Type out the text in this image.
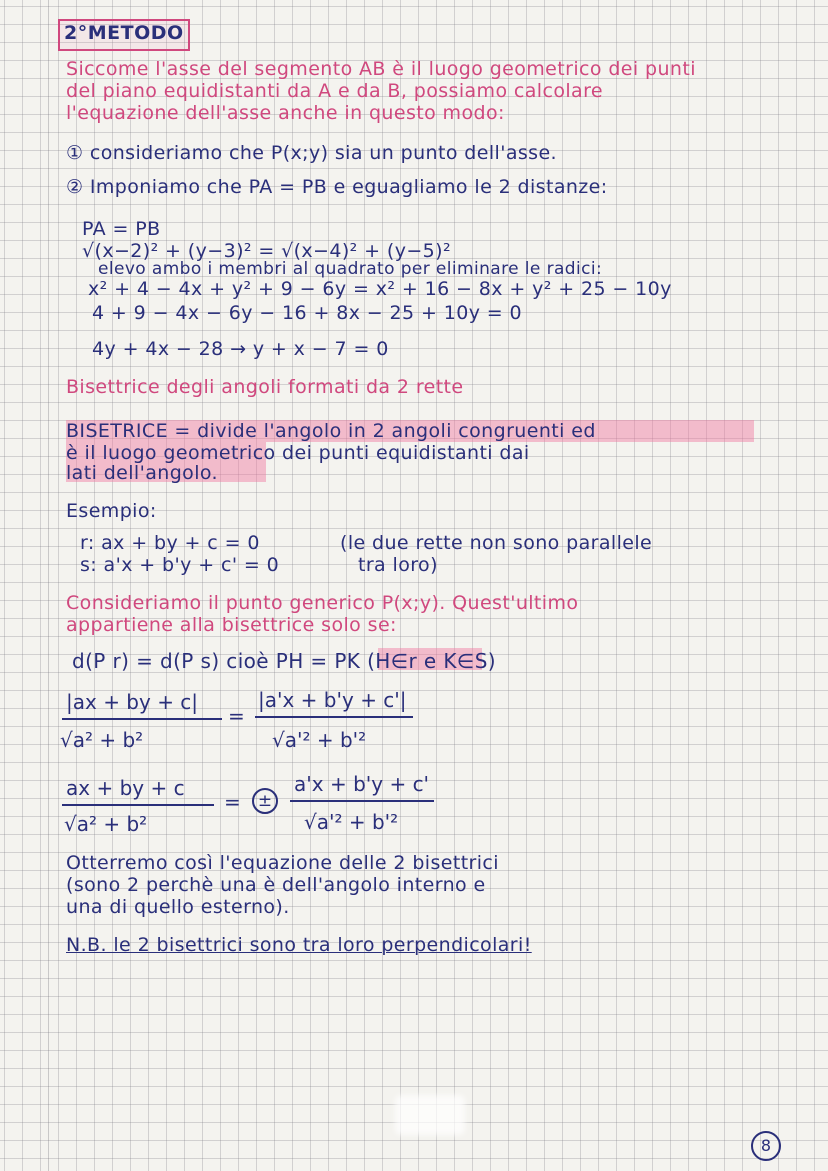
2°METODO
Siccome l'asse del segmento AB è il luogo geometrico dei punti
del piano equidistanti da A e da B, possiamo calcolare
l'equazione dell'asse anche in questo modo:
① consideriamo che P(x;y) sia un punto dell'asse.
② Imponiamo che PA = PB e eguagliamo le 2 distanze:
PA = PB
√(x−2)² + (y−3)² = √(x−4)² + (y−5)²
elevo ambo i membri al quadrato per eliminare le radici:
x² + 4 − 4x + y² + 9 − 6y = x² + 16 − 8x + y² + 25 − 10y
4 + 9 − 4x − 6y − 16 + 8x − 25 + 10y = 0
4y + 4x − 28 → y + x − 7 = 0
Bisettrice degli angoli formati da 2 rette
BISETRICE = divide l'angolo in 2 angoli congruenti ed
è il luogo geometrico dei punti equidistanti dai
lati dell'angolo.
Esempio:
r: ax + by + c = 0
s: a'x + b'y + c' = 0
(le due rette non sono parallele
tra loro)
Consideriamo il punto generico P(x;y). Quest'ultimo
appartiene alla bisettrice solo se:
d(P r) = d(P s) cioè PH = PK (H∈r e K∈S)
|ax + by + c|
√a² + b²
=
|a'x + b'y + c'|
√a'² + b'²
ax + by + c
√a² + b²
=	±
a'x + b'y + c'
√a'² + b'²
Otterremo così l'equazione delle 2 bisettrici
(sono 2 perchè una è dell'angolo interno e
una di quello esterno).
N.B. le 2 bisettrici sono tra loro perpendicolari!
8
